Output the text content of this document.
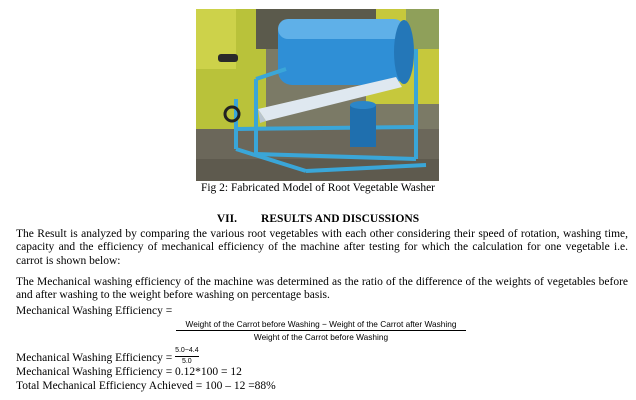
Fig 2: Fabricated Model of Root Vegetable Washer
VII. RESULTS AND DISCUSSIONS

The Result is analyzed by comparing the various root vegetables with each other considering their speed of rotation, washing time, capacity and the efficiency of mechanical efficiency of the machine after testing for which the calculation for one vegetable i.e. carrot is shown below:

The Mechanical washing efficiency of the machine was determined as the ratio of the difference of the weights of vegetables before and after washing to the weight before washing on percentage basis.

Mechanical Washing Efficiency =
Weight of the Carrot before Washing − Weight of the Carrot after Washing
Weight of the Carrot before Washing
Mechanical Washing Efficiency = $\frac{5.0-4.4}{5.0}$
Mechanical Washing Efficiency = 0.12*100 = 12
Total Mechanical Efficiency Achieved = 100 – 12 =88%
